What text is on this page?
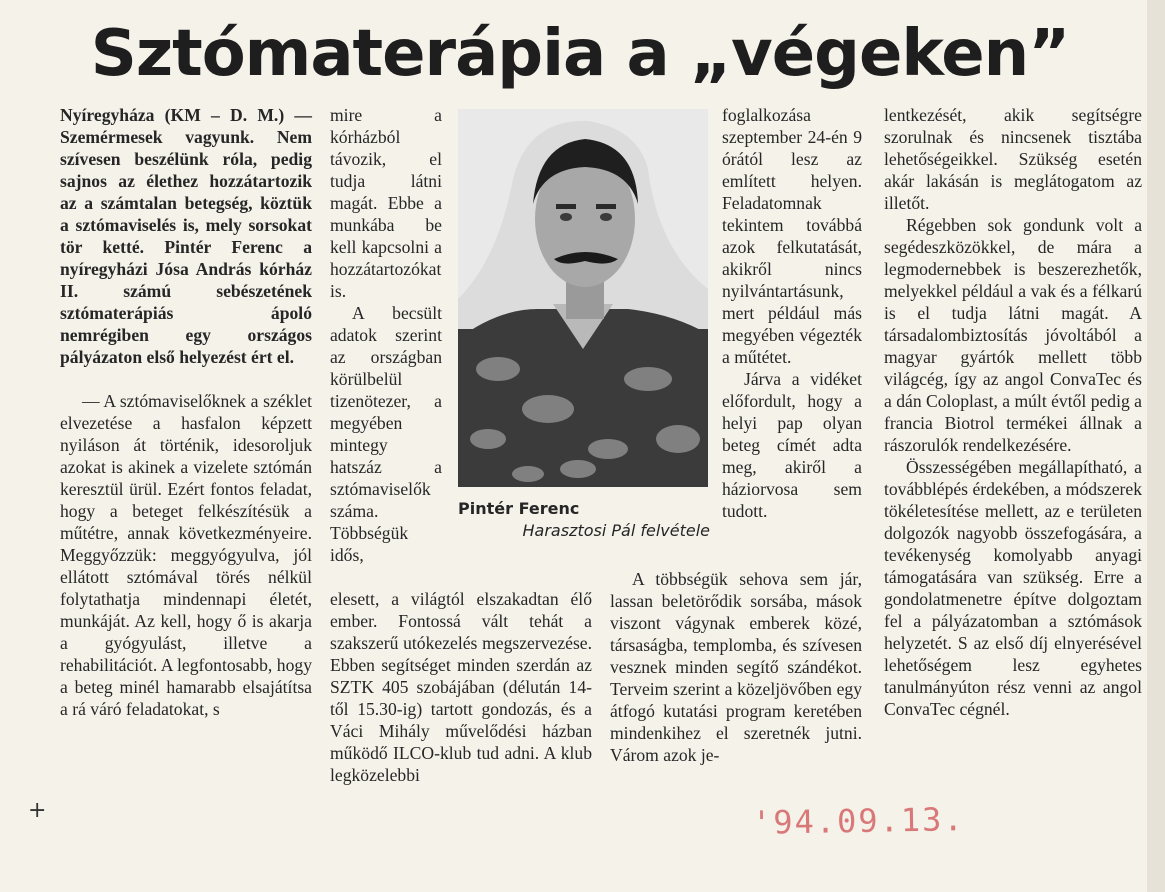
Sztómaterápia a „végeken”

Nyíregyháza (KM – D. M.) — Szemérmesek vagyunk. Nem szívesen beszélünk róla, pedig sajnos az élethez hozzátartozik az a számtalan betegség, köztük a sztómaviselés is, mely sorsokat tör ketté. Pintér Ferenc a nyíregyházi Jósa András kórház II. számú sebészetének sztómaterápiás ápoló nemrégiben egy országos pályázaton első helyezést ért el.

— A sztómaviselőknek a széklet elvezetése a hasfalon képzett nyiláson át történik, idesoroljuk azokat is akinek a vizelete sztómán keresztül ürül. Ezért fontos feladat, hogy a beteget felkészítésük a műtétre, annak következményeire. Meggyőzzük: meggyógyulva, jól ellátott sztómával törés nélkül folytathatja mindennapi életét, munkáját. Az kell, hogy ő is akarja a gyógyulást, illetve a rehabilitációt. A legfontosabb, hogy a beteg minél hamarabb elsajátítsa a rá váró feladatokat, s

mire a kórházból távozik, el tudja látni magát. Ebbe a munkába be kell kapcsolni a hozzátartozókat is.

A becsült adatok szerint az országban körülbelül tizenötezer, a megyében mintegy hatszáz a sztómaviselők száma. Többségük idős,

elesett, a világtól elszakadtan élő ember. Fontossá vált tehát a szakszerű utókezelés megszervezése. Ebben segítséget minden szerdán az SZTK 405 szobájában (délután 14-től 15.30-ig) tartott gondozás, és a Váci Mihály művelődési házban működő ILCO-klub tud adni. A klub legközelebbi

Pintér Ferenc
Harasztosi Pál felvétele

foglalkozása szeptember 24-én 9 órától lesz az említett helyen. Feladatomnak tekintem továbbá azok felkutatását, akikről nincs nyilvántartásunk, mert például más megyében végezték a műtétet.

Járva a vidéket előfordult, hogy a helyi pap olyan beteg címét adta meg, akiről a háziorvosa sem tudott.

A többségük sehova sem jár, lassan beletörődik sorsába, mások viszont vágynak emberek közé, társaságba, templomba, és szívesen vesznek minden segítő szándékot. Terveim szerint a közeljövőben egy átfogó kutatási program keretében mindenkihez el szeretnék jutni. Várom azok je-

lentkezését, akik segítségre szorulnak és nincsenek tisztába lehetőségeikkel. Szükség esetén akár lakásán is meglátogatom az illetőt.

Régebben sok gondunk volt a segédeszközökkel, de mára a legmodernebbek is beszerezhetők, melyekkel például a vak és a félkarú is el tudja látni magát. A társadalombiztosítás jóvoltából a magyar gyártók mellett több világcég, így az angol ConvaTec és a dán Coloplast, a múlt évtől pedig a francia Biotrol termékei állnak a rászorulók rendelkezésére.

Összességében megállapítható, a továbblépés érdekében, a módszerek tökéletesítése mellett, az e területen dolgozók nagyobb összefogására, a tevékenység komolyabb anyagi támogatására van szükség. Erre a gondolatmenetre építve dolgoztam fel a pályázatomban a sztómások helyzetét. S az első díj elnyerésével lehetőségem lesz egyhetes tanulmányúton rész venni az angol ConvaTec cégnél.

'94.09.13.
+
